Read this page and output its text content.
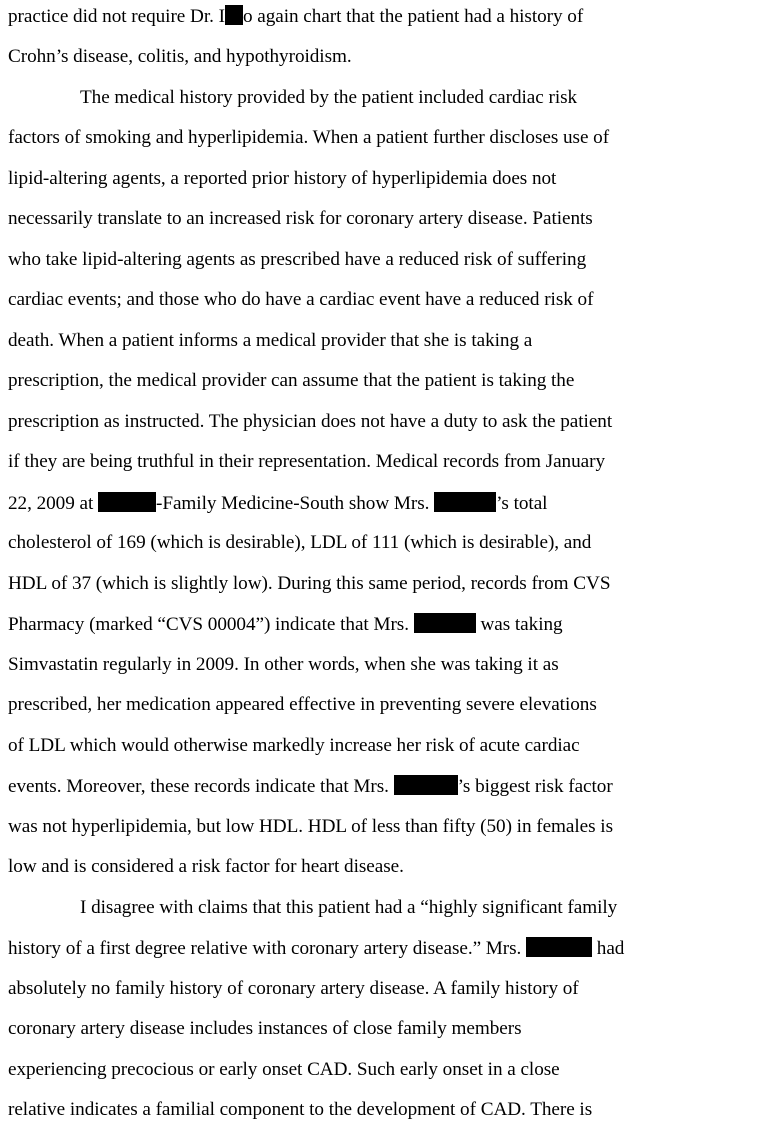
practice did not require Dr. I o again chart that the patient had a history of
Crohn’s disease, colitis, and hypothyroidism.
The medical history provided by the patient included cardiac risk
factors of smoking and hyperlipidemia. When a patient further discloses use of
lipid-altering agents, a reported prior history of hyperlipidemia does not
necessarily translate to an increased risk for coronary artery disease. Patients
who take lipid-altering agents as prescribed have a reduced risk of suffering
cardiac events; and those who do have a cardiac event have a reduced risk of
death. When a patient informs a medical provider that she is taking a
prescription, the medical provider can assume that the patient is taking the
prescription as instructed. The physician does not have a duty to ask the patient
if they are being truthful in their representation. Medical records from January
22, 2009 at	-Family Medicine-South show Mrs.	’s total
cholesterol of 169 (which is desirable), LDL of 111 (which is desirable), and
HDL of 37 (which is slightly low). During this same period, records from CVS
Pharmacy (marked “CVS 00004”) indicate that Mrs.	was taking
Simvastatin regularly in 2009. In other words, when she was taking it as
prescribed, her medication appeared effective in preventing severe elevations
of LDL which would otherwise markedly increase her risk of acute cardiac
events. Moreover, these records indicate that Mrs.	’s biggest risk factor
was not hyperlipidemia, but low HDL. HDL of less than fifty (50) in females is
low and is considered a risk factor for heart disease.
I disagree with claims that this patient had a “highly significant family
history of a first degree relative with coronary artery disease.” Mrs.	had
absolutely no family history of coronary artery disease. A family history of
coronary artery disease includes instances of close family members
experiencing precocious or early onset CAD. Such early onset in a close
relative indicates a familial component to the development of CAD. There is
